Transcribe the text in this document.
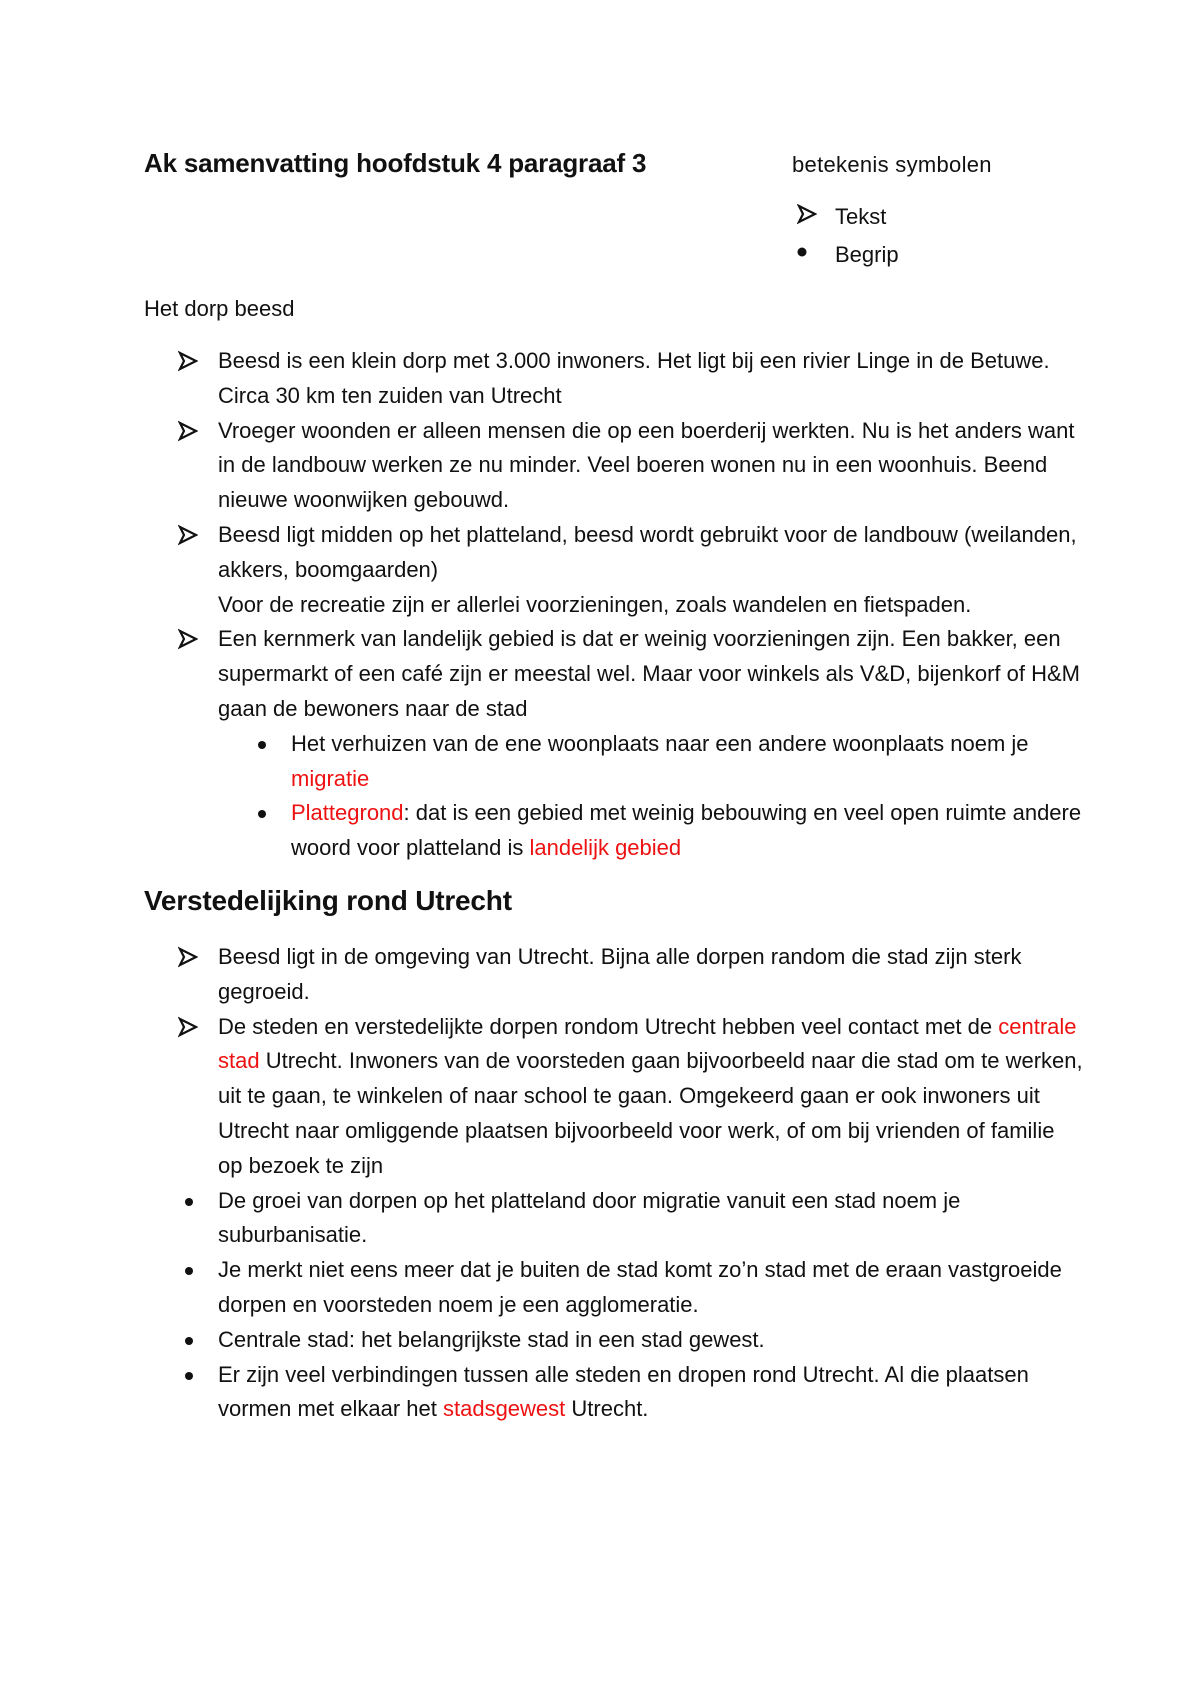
Ak samenvatting hoofdstuk 4 paragraaf 3	betekenis symbolen
Tekst
Begrip
Het dorp beesd
Beesd is een klein dorp met 3.000 inwoners. Het ligt bij een rivier Linge in de Betuwe. Circa 30 km ten zuiden van Utrecht
Vroeger woonden er alleen mensen die op een boerderij werkten. Nu is het anders want in de landbouw werken ze nu minder. Veel boeren wonen nu in een woonhuis. Beend nieuwe woonwijken gebouwd.
Beesd ligt midden op het platteland, beesd wordt gebruikt voor de landbouw (weilanden, akkers, boomgaarden)
Voor de recreatie zijn er allerlei voorzieningen, zoals wandelen en fietspaden.
Een kernmerk van landelijk gebied is dat er weinig voorzieningen zijn. Een bakker, een supermarkt of een café zijn er meestal wel. Maar voor winkels als V&D, bijenkorf of H&M gaan de bewoners naar de stad
Het verhuizen van de ene woonplaats naar een andere woonplaats noem je migratie
Plattegrond: dat is een gebied met weinig bebouwing en veel open ruimte andere woord voor platteland is landelijk gebied
Verstedelijking rond Utrecht
Beesd ligt in de omgeving van Utrecht. Bijna alle dorpen random die stad zijn sterk gegroeid.
De steden en verstedelijkte dorpen rondom Utrecht hebben veel contact met de centrale stad Utrecht. Inwoners van de voorsteden gaan bijvoorbeeld naar die stad om te werken, uit te gaan, te winkelen of naar school te gaan. Omgekeerd gaan er ook inwoners uit Utrecht naar omliggende plaatsen bijvoorbeeld voor werk, of om bij vrienden of familie op bezoek te zijn
De groei van dorpen op het platteland door migratie vanuit een stad noem je suburbanisatie.
Je merkt niet eens meer dat je buiten de stad komt zo’n stad met de eraan vastgroeide dorpen en voorsteden noem je een agglomeratie.
Centrale stad: het belangrijkste stad in een stad gewest.
Er zijn veel verbindingen tussen alle steden en dropen rond Utrecht. Al die plaatsen vormen met elkaar het stadsgewest Utrecht.
